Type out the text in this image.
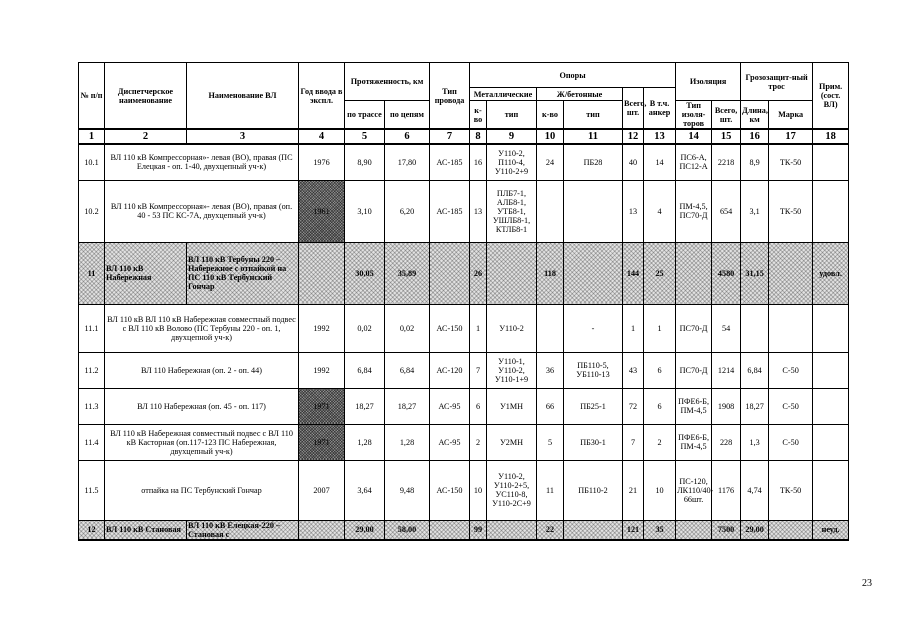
№ п/п	Диспетчерское наименование	Наименование ВЛ	Год ввода в экспл.	Протяженность, км		Тип провода	Опоры						Изоляция		Грозозащит-ный трос		Прим. (сост. ВЛ)
							Металлические		Ж/бетонные		Всего, шт.	В т.ч. анкер					
				по трассе	по цепям		к-во	тип	к-во	тип			Тип изоля-торов	Всего, шт.	Длина, км	Марка	
1	2	3	4	5	6	7	8	9	10	11	12	13	14	15	16	17	18
10.1	ВЛ 110 кВ Компрессорная»- левая (ВО), правая (ПС Елецкая - оп. 1-40, двухцепный уч-к)		1976	8,90	17,80	АС-185	16	У110-2, П110-4, У110-2+9	24	ПБ28	40	14	ПС6-А, ПС12-А	2218	8,9	ТК-50	
10.2	ВЛ 110 кВ Компрессорная»- левая (ВО), правая (оп. 40 - 53 ПС КС-7А, двухцепный уч-к)		1961	3,10	6,20	АС-185	13	ПЛБ7-1, АЛБ8-1, УТБ8-1, УШЛБ8-1, КТЛБ8-1			13	4	ПМ-4,5, ПС70-Д	654	3,1	ТК-50	
11	ВЛ 110 кВ Набережная	ВЛ 110 кВ Тербуны 220 – Набережное с отпайкой на ПС 110 кВ Тербунский Гончар		30,05	35,89		26		118		144	25		4580	31,15		удовл.
11.1	ВЛ 110 кВ ВЛ 110 кВ Набережная совместный подвес с ВЛ 110 кВ Волово (ПС Тербуны 220 - оп. 1, двухцепной уч-к)		1992	0,02	0,02	АС-150	1	У110-2		-	1	1	ПС70-Д	54			
11.2	ВЛ 110 Набережная (оп. 2 - оп. 44)		1992	6,84	6,84	АС-120	7	У110-1, У110-2, У110-1+9	36	ПБ110-5, УБ110-13	43	6	ПС70-Д	1214	6,84	С-50	
11.3	ВЛ 110 Набережная (оп. 45 - оп. 117)		1971	18,27	18,27	АС-95	6	У1МН	66	ПБ25-1	72	6	ПФЕ6-Б, ПМ-4,5	1908	18,27	С-50	
11.4	ВЛ 110 кВ Набережная совместный подвес с ВЛ 110 кВ Касторная (оп.117-123 ПС Набережная, двухцепный уч-к)		1971	1,28	1,28	АС-95	2	У2МН	5	ПБ30-1	7	2	ПФЕ6-Б, ПМ-4,5	228	1,3	С-50	
11.5	отпайка на ПС Тербунский Гончар		2007	3,64	9,48	АС-150	10	У110-2, У110-2+5, УС110-8, У110-2С+9	11	ПБ110-2	21	10	ПС-120, ЛК110/40-66шт.	1176	4,74	ТК-50	
12	ВЛ 110 кВ Становая	ВЛ 110 кВ Елецкая-220 – Становая с		29,00	58,00		99		22		121	35		7500	29,00		неуд.
23
